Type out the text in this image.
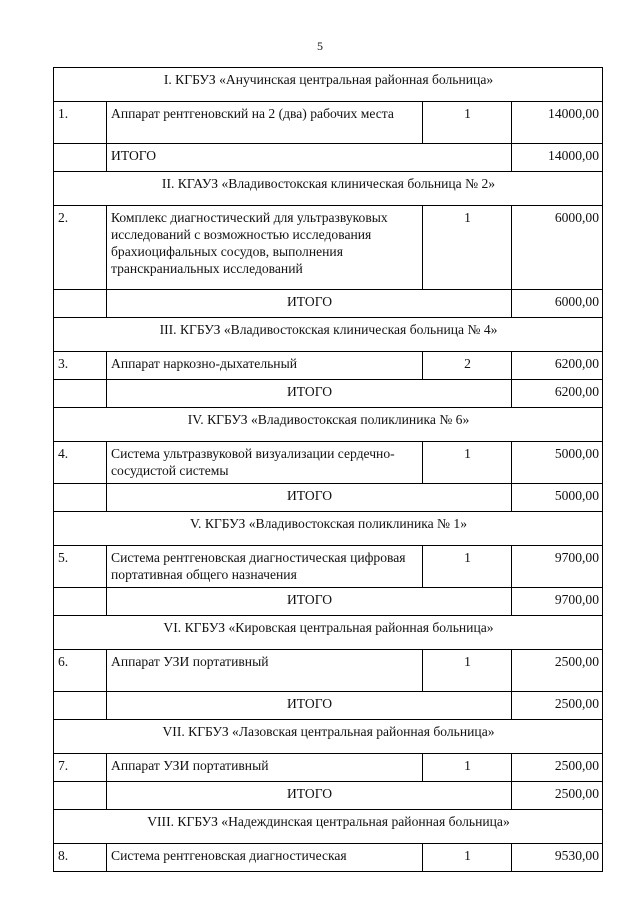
5
I. КГБУЗ «Анучинская центральная районная больница»			
1.	Аппарат рентгеновский на 2 (два) рабочих места	1	14000,00
	ИТОГО		14000,00
II. КГАУЗ «Владивостокская клиническая больница № 2»			
2.	Комплекс диагностический для ультразвуковых исследований с возможностью исследования брахиоцифальных сосудов, выполнения транскраниальных исследований	1	6000,00
	ИТОГО		6000,00
III. КГБУЗ «Владивостокская клиническая больница № 4»			
3.	Аппарат наркозно-дыхательный	2	6200,00
	ИТОГО		6200,00
IV. КГБУЗ «Владивостокская поликлиника № 6»			
4.	Система ультразвуковой визуализации сердечно-сосудистой системы	1	5000,00
	ИТОГО		5000,00
V. КГБУЗ «Владивостокская поликлиника № 1»			
5.	Система рентгеновская диагностическая цифровая портативная общего назначения	1	9700,00
	ИТОГО		9700,00
VI. КГБУЗ «Кировская центральная районная больница»			
6.	Аппарат УЗИ портативный	1	2500,00
	ИТОГО		2500,00
VII. КГБУЗ «Лазовская центральная районная больница»			
7.	Аппарат УЗИ портативный	1	2500,00
	ИТОГО		2500,00
VIII. КГБУЗ «Надеждинская центральная районная больница»			
8.	Система рентгеновская диагностическая	1	9530,00
